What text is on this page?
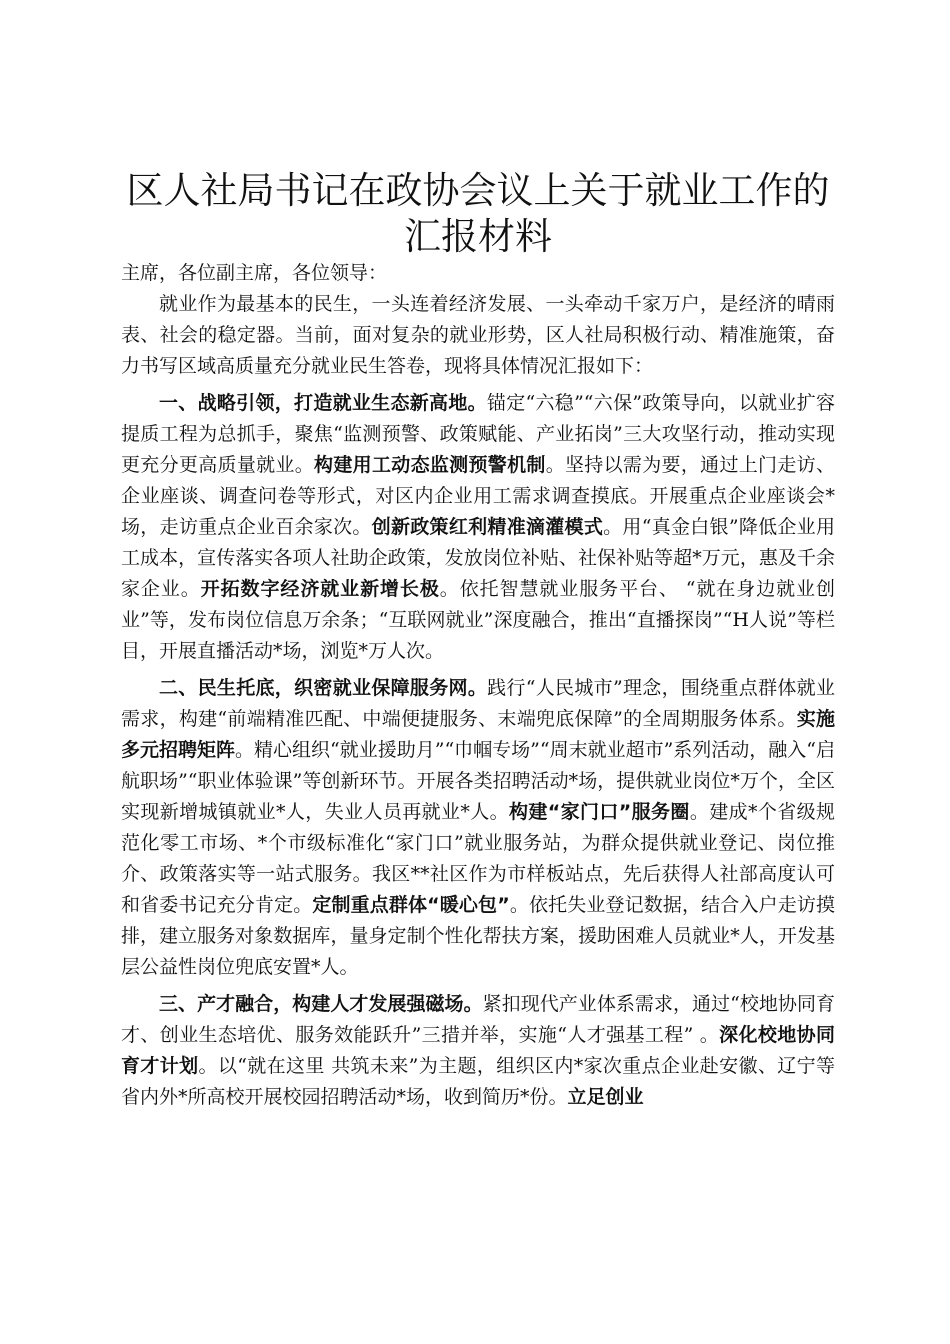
区人社局书记在政协会议上关于就业工作的汇报材料

主席，各位副主席，各位领导：

就业作为最基本的民生，一头连着经济发展、一头牵动千家万户，是经济的晴雨表、社会的稳定器。当前，面对复杂的就业形势，区人社局积极行动、精准施策，奋力书写区域高质量充分就业民生答卷，现将具体情况汇报如下：

一、战略引领，打造就业生态新高地。锚定“六稳”“六保”政策导向，以就业扩容提质工程为总抓手，聚焦“监测预警、政策赋能、产业拓岗”三大攻坚行动，推动实现更充分更高质量就业。构建用工动态监测预警机制。坚持以需为要，通过上门走访、企业座谈、调查问卷等形式，对区内企业用工需求调查摸底。开展重点企业座谈会*场，走访重点企业百余家次。创新政策红利精准滴灌模式。用“真金白银”降低企业用工成本，宣传落实各项人社助企政策，发放岗位补贴、社保补贴等超*万元，惠及千余家企业。开拓数字经济就业新增长极。依托智慧就业服务平台、 “就在身边就业创业”等，发布岗位信息万余条；“互联网就业”深度融合，推出“直播探岗”“H人说”等栏目，开展直播活动*场，浏览*万人次。

二、民生托底，织密就业保障服务网。践行“人民城市”理念，围绕重点群体就业需求，构建“前端精准匹配、中端便捷服务、末端兜底保障”的全周期服务体系。实施多元招聘矩阵。精心组织“就业援助月”“巾帼专场”“周末就业超市”系列活动，融入“启航职场”“职业体验课”等创新环节。开展各类招聘活动*场，提供就业岗位*万个，全区实现新增城镇就业*人，失业人员再就业*人。构建“家门口”服务圈。建成*个省级规范化零工市场、*个市级标准化“家门口”就业服务站，为群众提供就业登记、岗位推介、政策落实等一站式服务。我区**社区作为市样板站点，先后获得人社部高度认可和省委书记充分肯定。定制重点群体“暖心包”。依托失业登记数据，结合入户走访摸排，建立服务对象数据库，量身定制个性化帮扶方案，援助困难人员就业*人，开发基层公益性岗位兜底安置*人。

三、产才融合，构建人才发展强磁场。紧扣现代产业体系需求，通过“校地协同育才、创业生态培优、服务效能跃升”三措并举，实施“人才强基工程” 。深化校地协同育才计划。以“就在这里 共筑未来”为主题，组织区内*家次重点企业赴安徽、辽宁等省内外*所高校开展校园招聘活动*场，收到简历*份。立足创业
